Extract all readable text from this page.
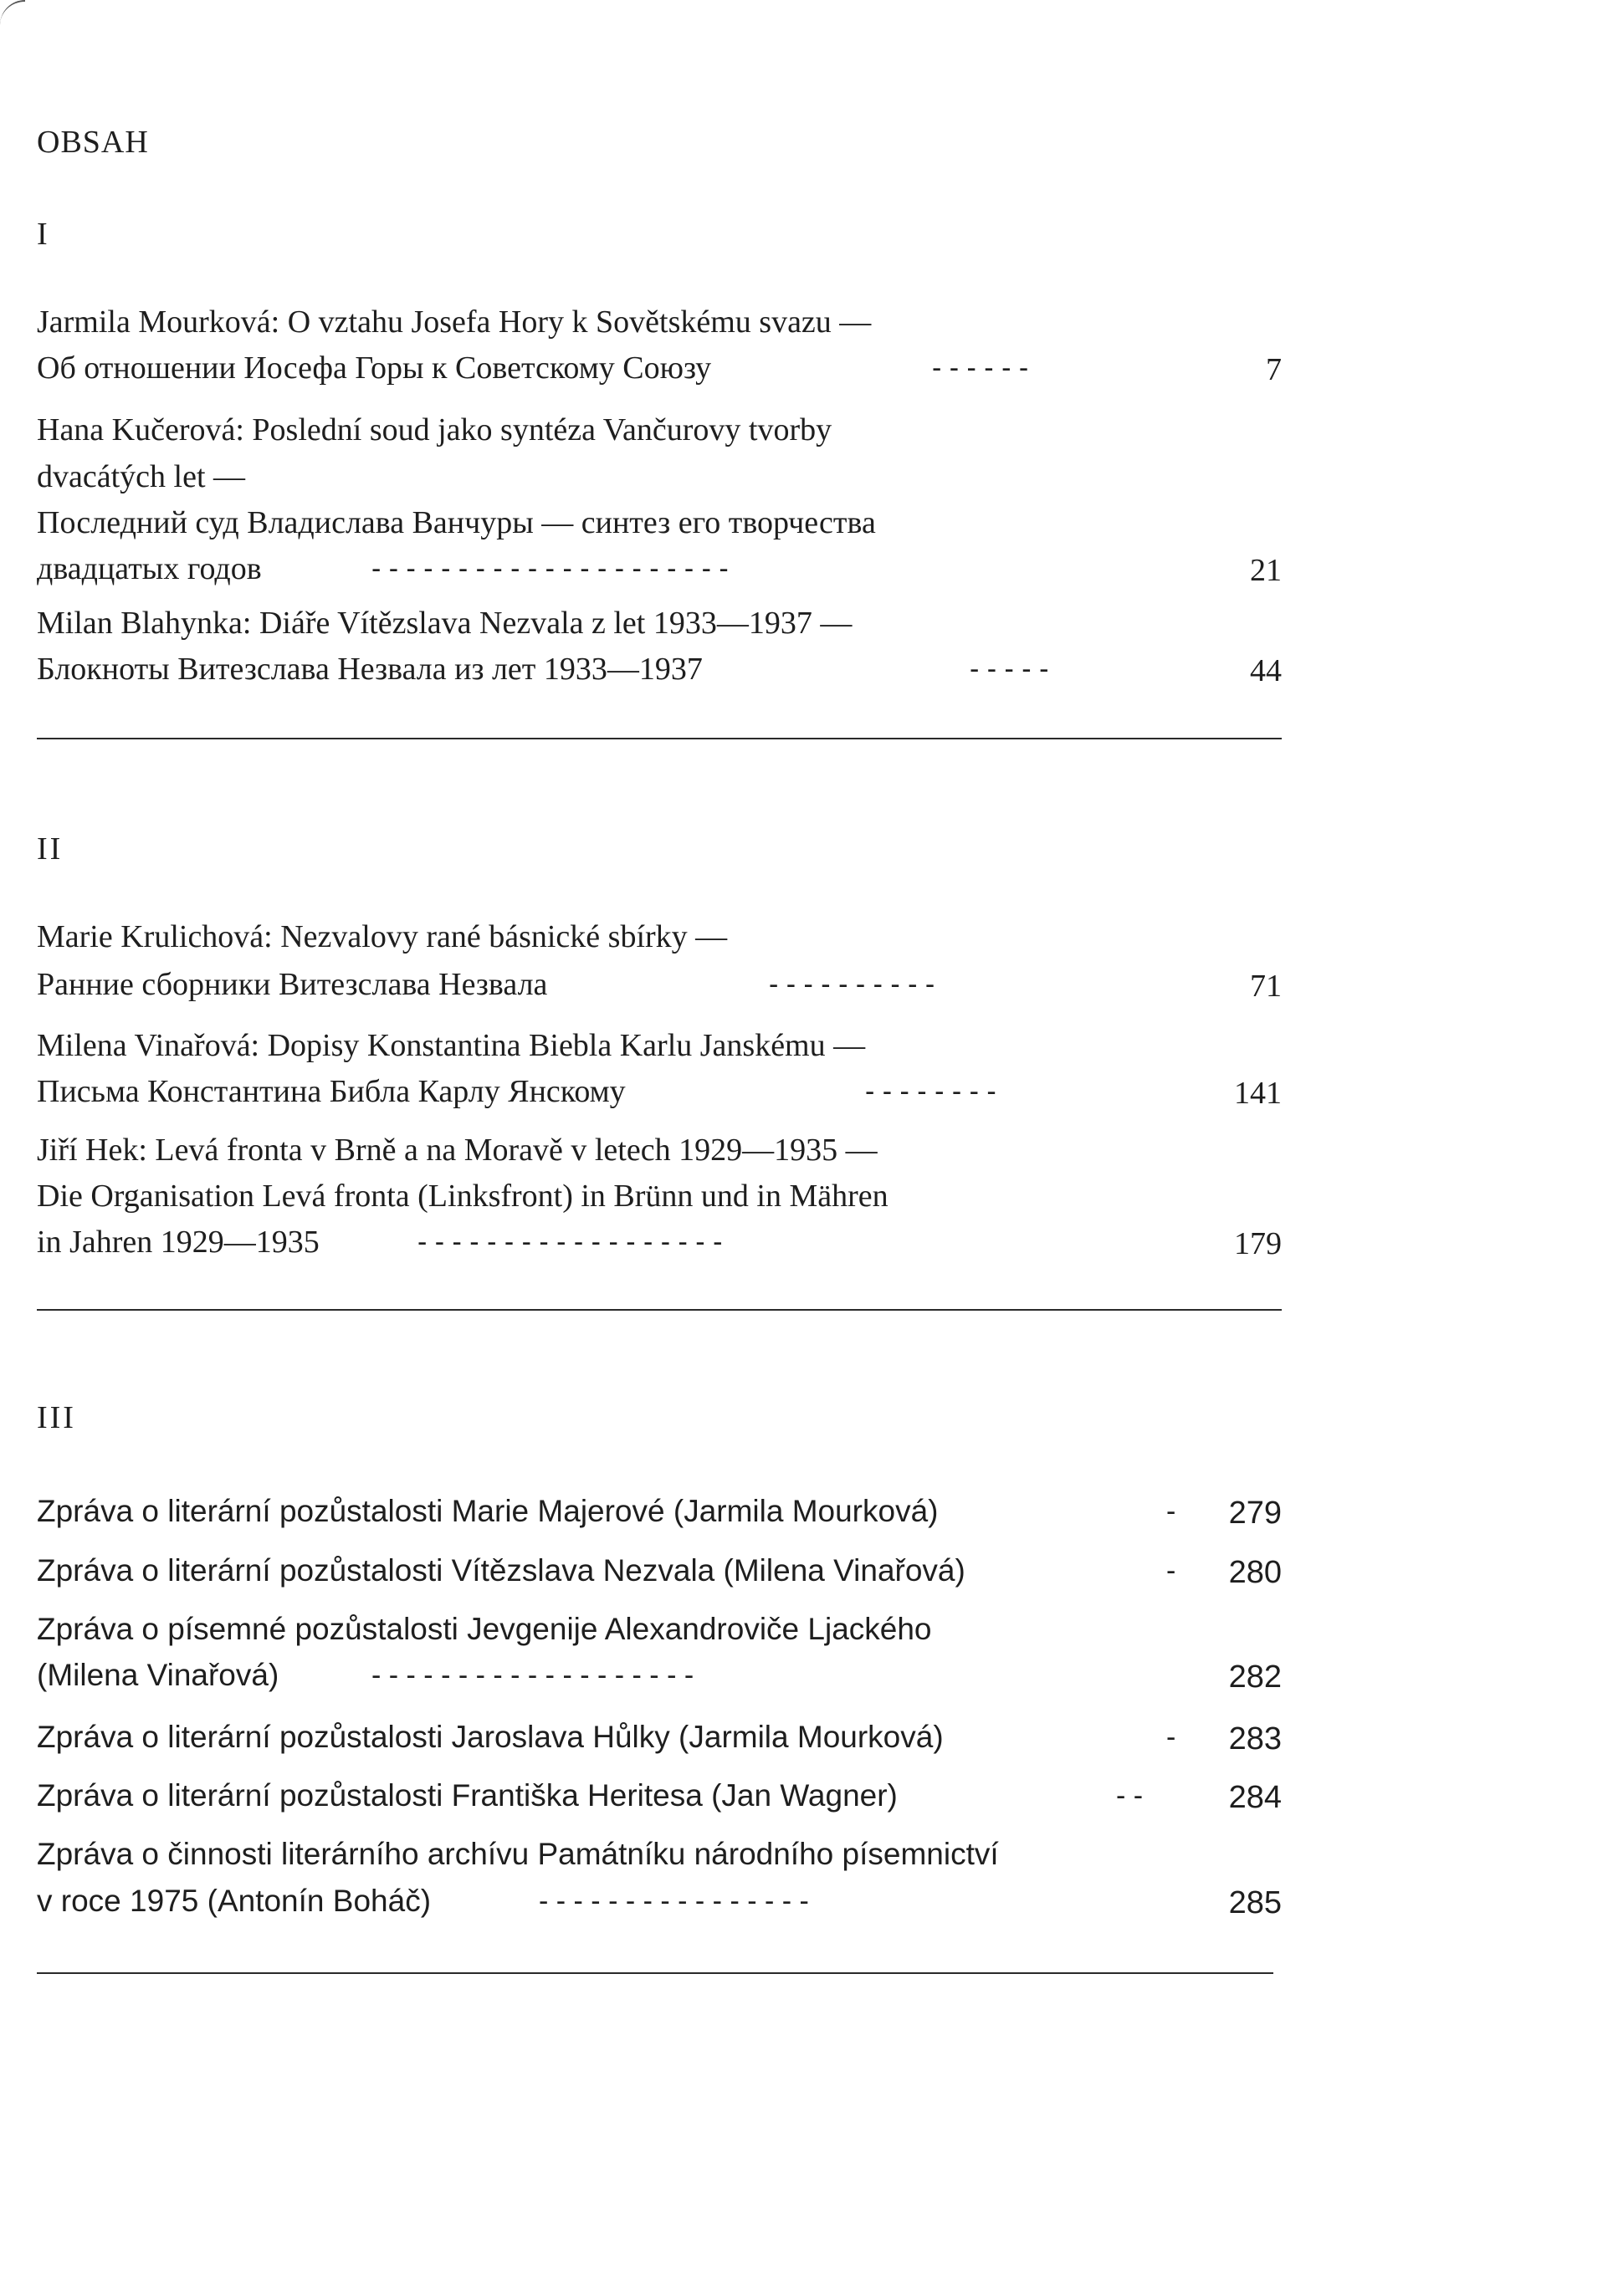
OBSAH
I
Jarmila Mourková: O vztahu Josefa Hory k Sovětskému svazu —
Об отношении Иосефа Горы к Советскому Союзу	- - - - - -	7
Hana Kučerová: Poslední soud jako syntéza Vančurovy tvorby
dvacátých let —
Последний суд Владислава Ванчуры — синтез его творчества
двадцатых годов	- - - - - - - - - - - - - - - - - - - - -	21
Milan Blahynka: Diáře Vítězslava Nezvala z let 1933—1937 —
Блокноты Витезслава Незвала из лет 1933—1937	- - - - -	44
II
Marie Krulichová: Nezvalovy rané básnické sbírky —
Ранние сборники Витезслава Незвала	- - - - - - - - - -	71
Milena Vinařová: Dopisy Konstantina Biebla Karlu Janskému —
Письма Константина Библа Карлу Янскому	- - - - - - - -	141
Jiří Hek: Levá fronta v Brně a na Moravě v letech 1929—1935 —
Die Organisation Levá fronta (Linksfront) in Brünn und in Mähren
in Jahren 1929—1935	- - - - - - - - - - - - - - - - - -	179
III
Zpráva o literární pozůstalosti Marie Majerové (Jarmila Mourková)	-	279
Zpráva o literární pozůstalosti Vítězslava Nezvala (Milena Vinařová)	-	280
Zpráva o písemné pozůstalosti Jevgenije Alexandroviče Ljackého
(Milena Vinařová)	- - - - - - - - - - - - - - - - - - -	282
Zpráva o literární pozůstalosti Jaroslava Hůlky (Jarmila Mourková)	-	283
Zpráva o literární pozůstalosti Františka Heritesa (Jan Wagner)	- -	284
Zpráva o činnosti literárního archívu Památníku národního písemnictví
v roce 1975 (Antonín Boháč)	- - - - - - - - - - - - - - - -	285
